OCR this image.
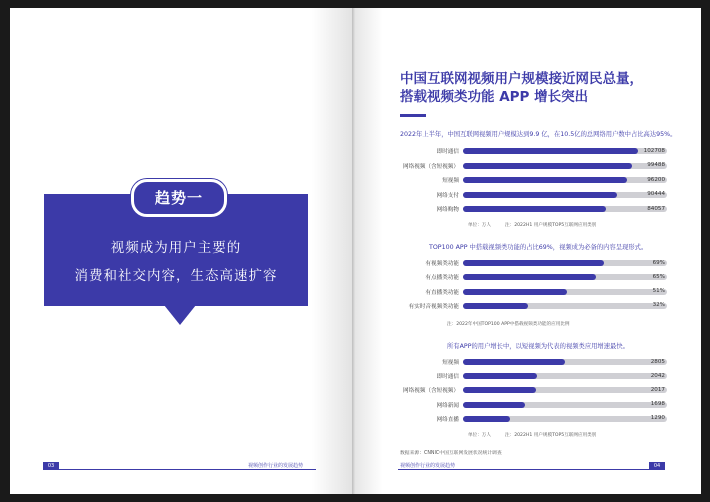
趋势一
视频成为用户主要的
消费和社交内容，生态高速扩容
03	视频创作行业的发展趋势
中国互联网视频用户规模接近网民总量，
搭载视频类功能 APP 增长突出
2022年上半年，中国互联网视频用户规模达到9.9 亿，在10.5亿的总网络用户数中占比高达95%。
即时通信	102708
网络视频（含短视频）	99488
短视频	96200
网络支付	90444
网络购物	84057
单位：万人	注：2022H1 用户规模TOP5互联网应用类别
TOP100 APP 中搭载视频类功能的占比69%，视频成为必备的内容呈现形式。
有视频类功能	69%
有点播类功能	65%
有直播类功能	51%
有实时音视频类功能	32%
注：2022年中国TOP100 APP中搭载视频类功能的应用比例
所有APP的用户增长中，以短视频为代表的视频类应用增速最快。
短视频	2805
即时通信	2042
网络视频（含短视频）	2017
网络新闻	1698
网络直播	1290
单位：万人	注：2022H1 用户规模TOP5互联网应用类别
数据来源：CNNIC中国互联网发展状况统计调查
视频创作行业的发展趋势	04
